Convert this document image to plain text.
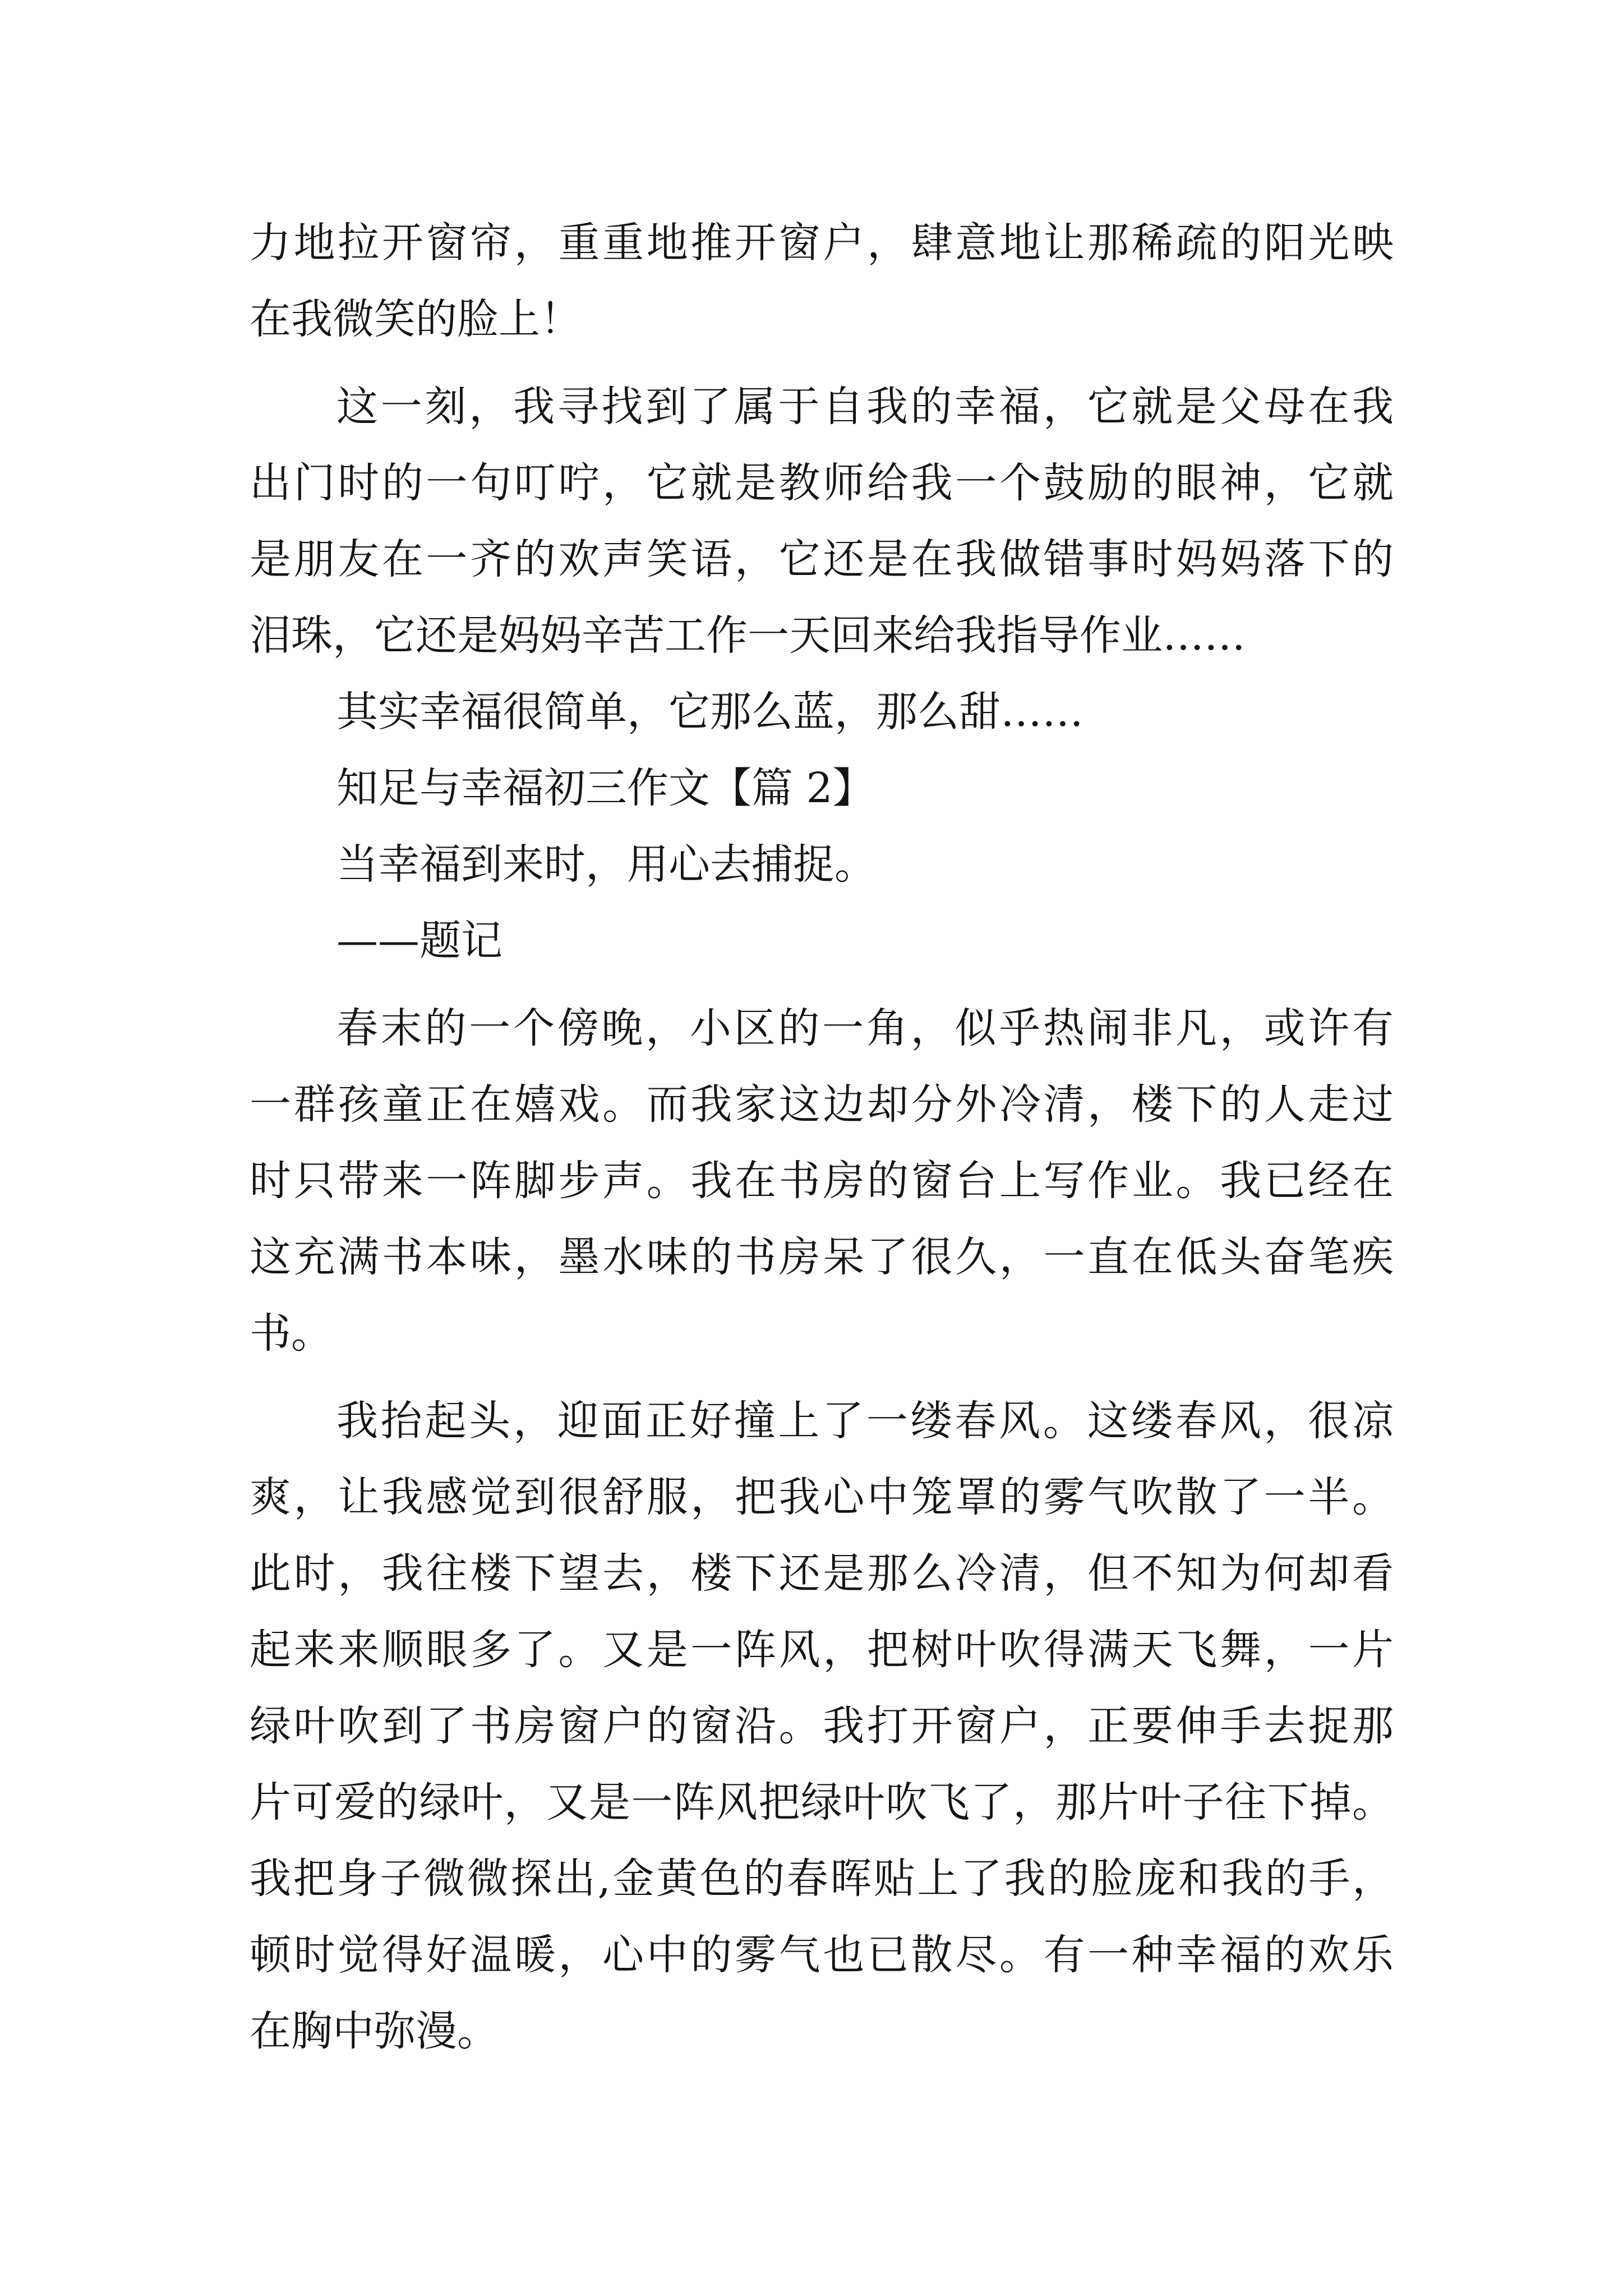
力地拉开窗帘，重重地推开窗户，肆意地让那稀疏的阳光映
在我微笑的脸上！
这一刻，我寻找到了属于自我的幸福，它就是父母在我
出门时的一句叮咛，它就是教师给我一个鼓励的眼神，它就
是朋友在一齐的欢声笑语，它还是在我做错事时妈妈落下的
泪珠，它还是妈妈辛苦工作一天回来给我指导作业……
其实幸福很简单，它那么蓝，那么甜……
知足与幸福初三作文【篇 2】
当幸福到来时，用心去捕捉。
——题记
春末的一个傍晚，小区的一角，似乎热闹非凡，或许有
一群孩童正在嬉戏。而我家这边却分外冷清，楼下的人走过
时只带来一阵脚步声。我在书房的窗台上写作业。我已经在
这充满书本味，墨水味的书房呆了很久，一直在低头奋笔疾
书。
我抬起头，迎面正好撞上了一缕春风。这缕春风，很凉
爽，让我感觉到很舒服，把我心中笼罩的雾气吹散了一半。
此时，我往楼下望去，楼下还是那么冷清，但不知为何却看
起来来顺眼多了。又是一阵风，把树叶吹得满天飞舞，一片
绿叶吹到了书房窗户的窗沿。我打开窗户，正要伸手去捉那
片可爱的绿叶，又是一阵风把绿叶吹飞了，那片叶子往下掉。
我把身子微微探出,金黄色的春晖贴上了我的脸庞和我的手，
顿时觉得好温暖，心中的雾气也已散尽。有一种幸福的欢乐
在胸中弥漫。
